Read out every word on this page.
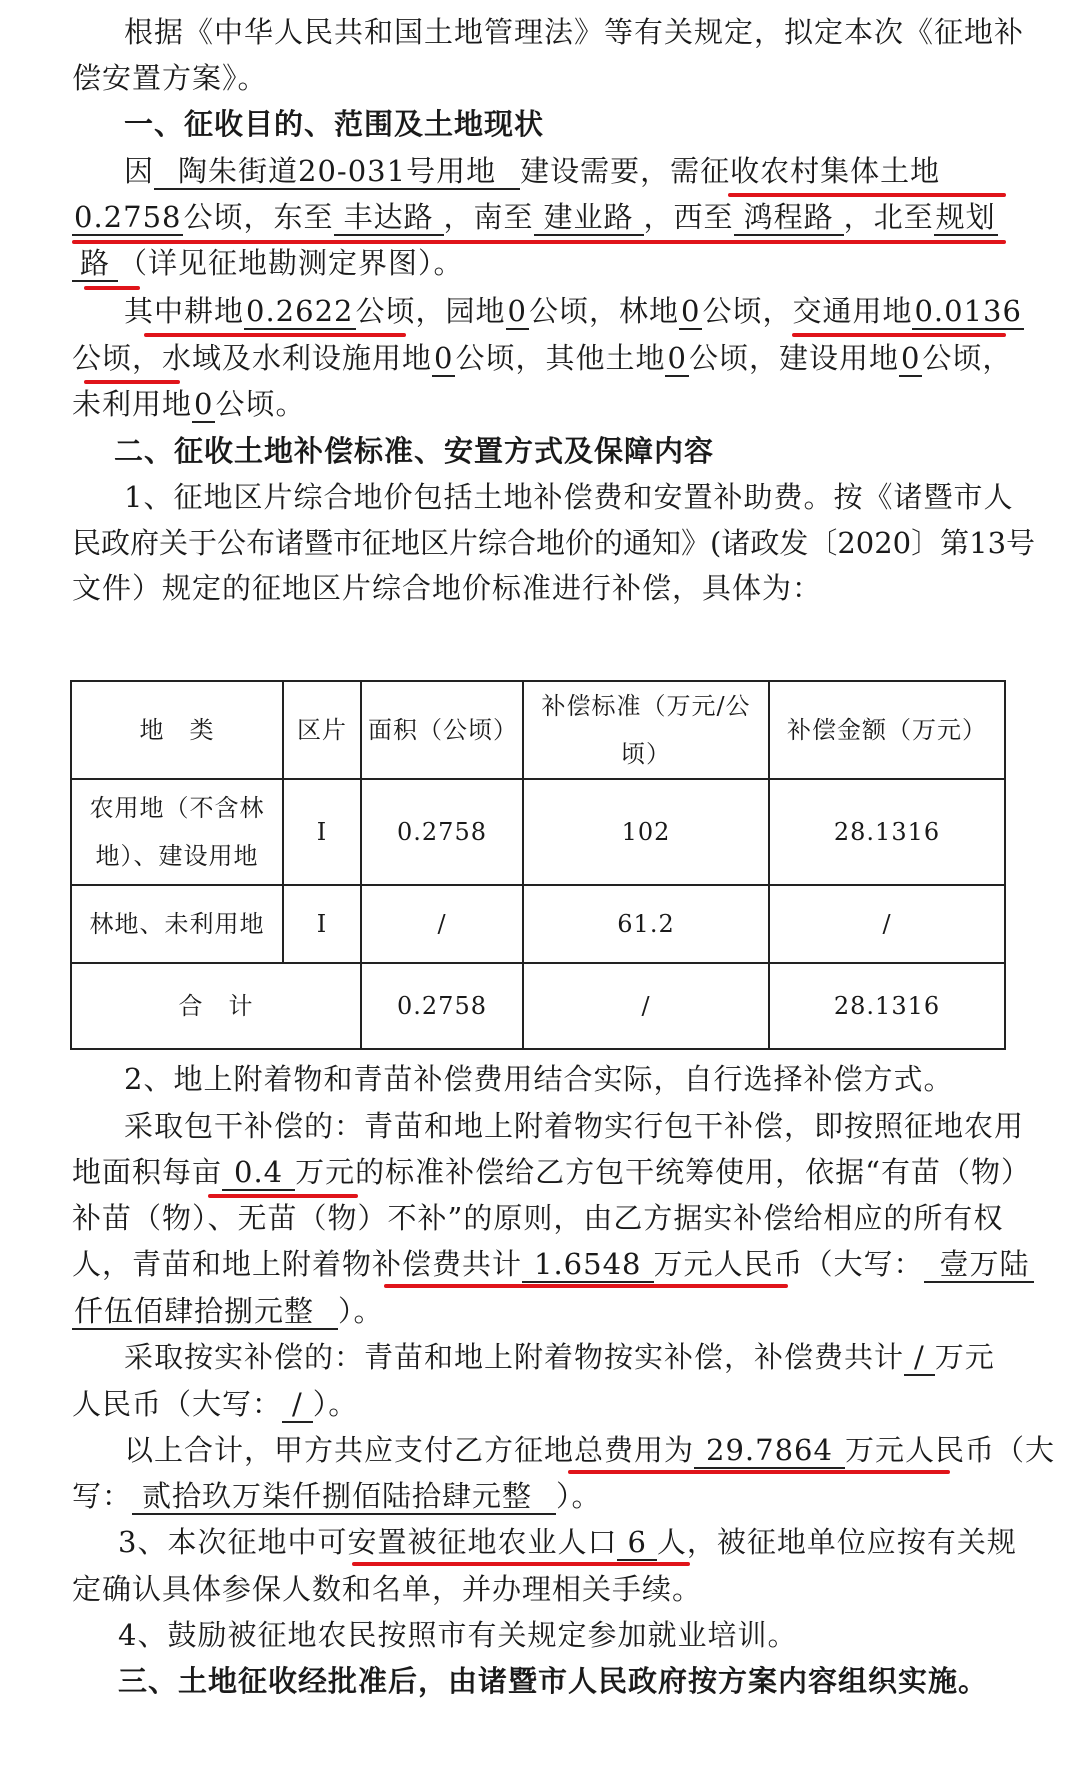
根据《中华人民共和国土地管理法》等有关规定，拟定本次《征地补
偿安置方案》。
一、征收目的、范围及土地现状
因 陶朱街道20-031号用地 建设需要，需征收农村集体土地
0.2758公顷，东至 丰达路 ，南至 建业路 ，西至 鸿程路 ，北至规划
路 （详见征地勘测定界图）。
其中耕地0.2622公顷，园地0公顷，林地0公顷，交通用地0.0136
公顷，水域及水利设施用地0公顷，其他土地0公顷，建设用地0公顷，
未利用地0公顷。
二、征收土地补偿标准、安置方式及保障内容
1、征地区片综合地价包括土地补偿费和安置补助费。按《诸暨市人
民政府关于公布诸暨市征地区片综合地价的通知》(诸政发〔2020〕第13号
文件）规定的征地区片综合地价标准进行补偿，具体为：
地　类	区片	面积（公顷）	补偿标准（万元/公顷）	补偿金额（万元）
农用地（不含林地）、建设用地	I	0.2758	102	28.1316
林地、未利用地	I	/	61.2	/
合　计		0.2758	/	28.1316
2、地上附着物和青苗补偿费用结合实际，自行选择补偿方式。
采取包干补偿的：青苗和地上附着物实行包干补偿，即按照征地农用
地面积每亩 0.4 万元的标准补偿给乙方包干统筹使用，依据“有苗（物）
补苗（物）、无苗（物）不补”的原则，由乙方据实补偿给相应的所有权
人，青苗和地上附着物补偿费共计 1.6548 万元人民币（大写： 壹万陆
仟伍佰肆拾捌元整 ）。
采取按实补偿的：青苗和地上附着物按实补偿，补偿费共计 / 万元
人民币（大写： / ）。
以上合计，甲方共应支付乙方征地总费用为 29.7864 万元人民币（大
写： 贰拾玖万柒仟捌佰陆拾肆元整 ）。
3、本次征地中可安置被征地农业人口 6 人，被征地单位应按有关规
定确认具体参保人数和名单，并办理相关手续。
4、鼓励被征地农民按照市有关规定参加就业培训。
三、土地征收经批准后，由诸暨市人民政府按方案内容组织实施。
